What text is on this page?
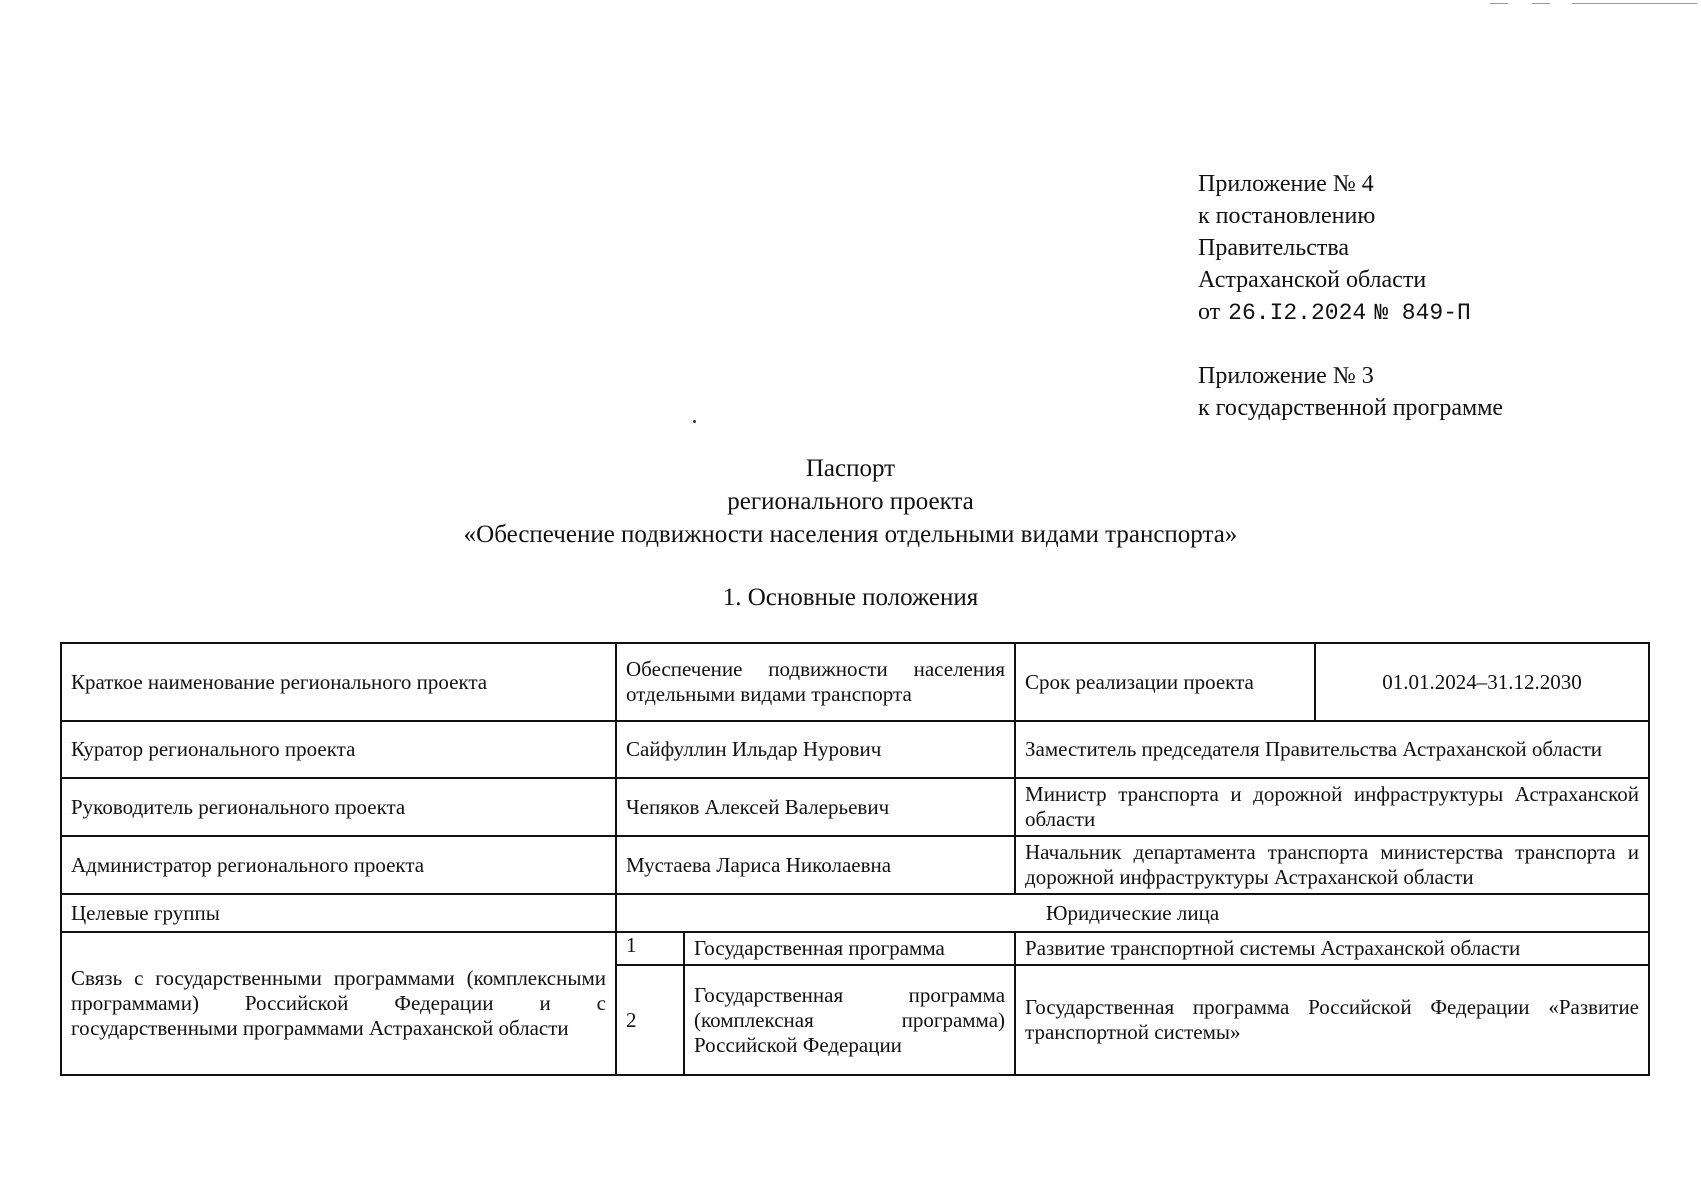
Приложение № 4
к постановлению
Правительства
Астраханской области
от 26.I2.2024 № 849-П
Приложение № 3
к государственной программе
Паспорт
регионального проекта
«Обеспечение подвижности населения отдельными видами транспорта»
1. Основные положения
Краткое наименование регионального проекта	Обеспечение подвижности населения отдельными видами транспорта		Срок реализации проекта	01.01.2024–31.12.2030
Куратор регионального проекта	Сайфуллин Ильдар Нурович		Заместитель председателя Правительства Астраханской области	
Руководитель регионального проекта	Чепяков Алексей Валерьевич		Министр транспорта и дорожной инфраструктуры Астраханской области	
Администратор регионального проекта	Мустаева Лариса Николаевна		Начальник департамента транспорта министерства транспорта и дорожной инфраструктуры Астраханской области	
Целевые группы	Юридические лица			
Связь с государственными программами (комплексными программами) Российской Федерации и с государственными программами Астраханской области	1	Государственная программа	Развитие транспортной системы Астраханской области	
	2	Государственная программа (комплексная программа) Российской Федерации	Государственная программа Российской Федерации «Развитие транспортной системы»	
